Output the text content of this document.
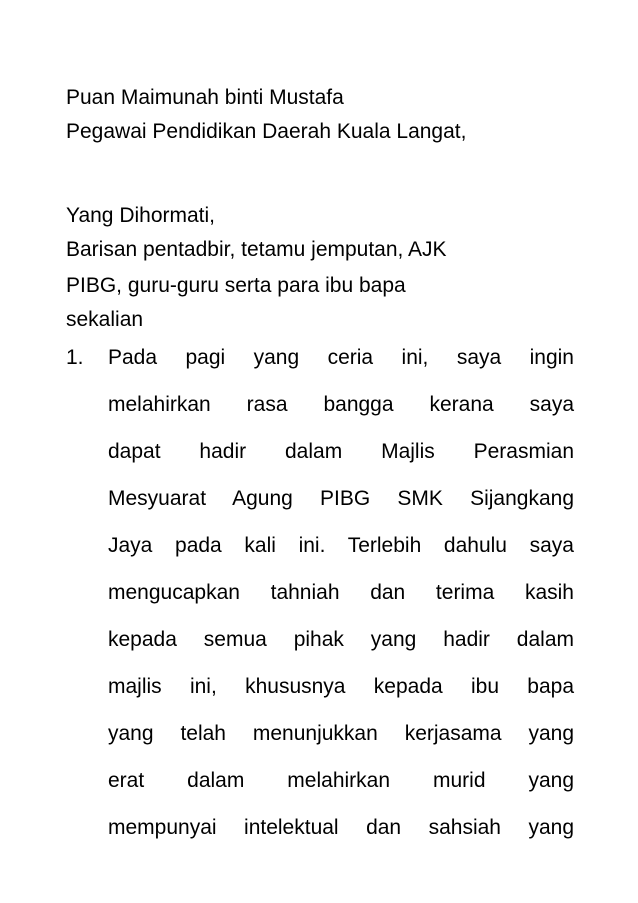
Puan Maimunah binti Mustafa
Pegawai Pendidikan Daerah Kuala Langat,
Yang Dihormati,
Barisan pentadbir, tetamu jemputan, AJK
PIBG, guru-guru serta para ibu bapa
sekalian
1. Pada pagi yang ceria ini, saya ingin
melahirkan rasa bangga kerana saya
dapat hadir dalam Majlis Perasmian
Mesyuarat Agung PIBG SMK Sijangkang
Jaya pada kali ini. Terlebih dahulu saya
mengucapkan tahniah dan terima kasih
kepada semua pihak yang hadir dalam
majlis ini, khususnya kepada ibu bapa
yang telah menunjukkan kerjasama yang
erat dalam melahirkan murid yang
mempunyai intelektual dan sahsiah yang
